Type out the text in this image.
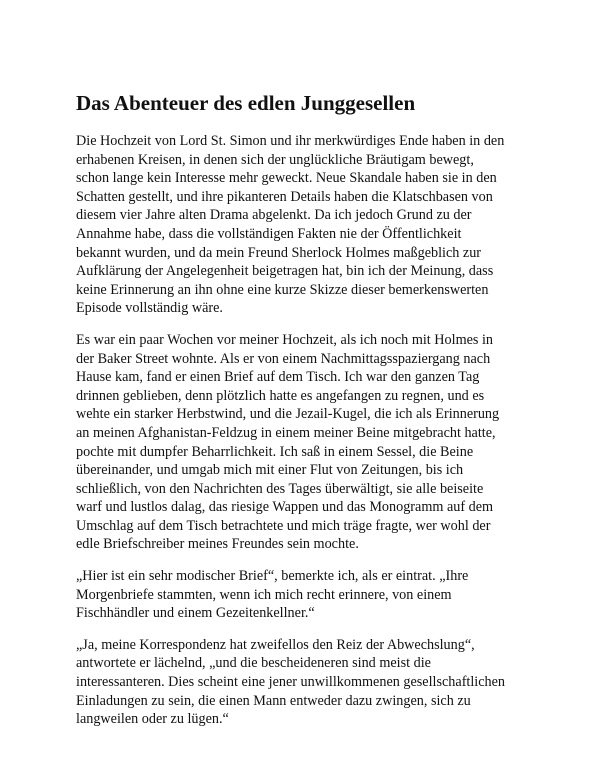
Das Abenteuer des edlen Junggesellen

Die Hochzeit von Lord St. Simon und ihr merkwürdiges Ende haben in den
erhabenen Kreisen, in denen sich der unglückliche Bräutigam bewegt,
schon lange kein Interesse mehr geweckt. Neue Skandale haben sie in den
Schatten gestellt, und ihre pikanteren Details haben die Klatschbasen von
diesem vier Jahre alten Drama abgelenkt. Da ich jedoch Grund zu der
Annahme habe, dass die vollständigen Fakten nie der Öffentlichkeit
bekannt wurden, und da mein Freund Sherlock Holmes maßgeblich zur
Aufklärung der Angelegenheit beigetragen hat, bin ich der Meinung, dass
keine Erinnerung an ihn ohne eine kurze Skizze dieser bemerkenswerten
Episode vollständig wäre.

Es war ein paar Wochen vor meiner Hochzeit, als ich noch mit Holmes in
der Baker Street wohnte. Als er von einem Nachmittagsspaziergang nach
Hause kam, fand er einen Brief auf dem Tisch. Ich war den ganzen Tag
drinnen geblieben, denn plötzlich hatte es angefangen zu regnen, und es
wehte ein starker Herbstwind, und die Jezail-Kugel, die ich als Erinnerung
an meinen Afghanistan-Feldzug in einem meiner Beine mitgebracht hatte,
pochte mit dumpfer Beharrlichkeit. Ich saß in einem Sessel, die Beine
übereinander, und umgab mich mit einer Flut von Zeitungen, bis ich
schließlich, von den Nachrichten des Tages überwältigt, sie alle beiseite
warf und lustlos dalag, das riesige Wappen und das Monogramm auf dem
Umschlag auf dem Tisch betrachtete und mich träge fragte, wer wohl der
edle Briefschreiber meines Freundes sein mochte.

„Hier ist ein sehr modischer Brief“, bemerkte ich, als er eintrat. „Ihre
Morgenbriefe stammten, wenn ich mich recht erinnere, von einem
Fischhändler und einem Gezeitenkellner.“

„Ja, meine Korrespondenz hat zweifellos den Reiz der Abwechslung“,
antwortete er lächelnd, „und die bescheideneren sind meist die
interessanteren. Dies scheint eine jener unwillkommenen gesellschaftlichen
Einladungen zu sein, die einen Mann entweder dazu zwingen, sich zu
langweilen oder zu lügen.“
